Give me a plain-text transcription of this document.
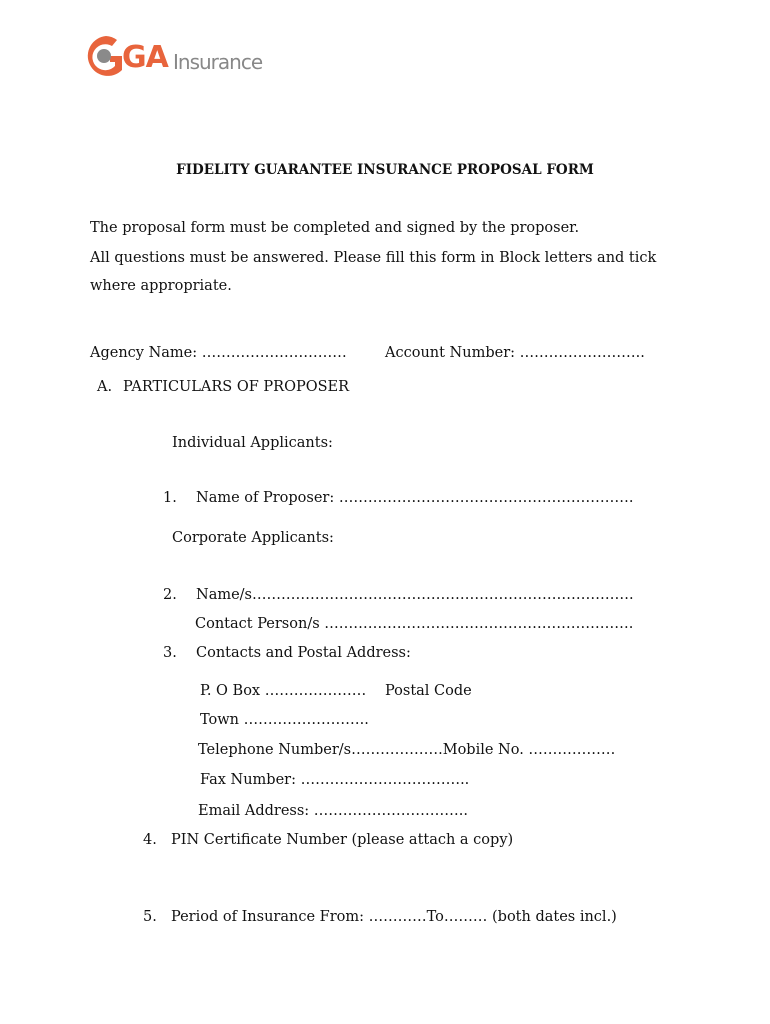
GA Insurance
FIDELITY GUARANTEE INSURANCE PROPOSAL FORM
The proposal form must be completed and signed by the proposer.
All questions must be answered. Please fill this form in Block letters and tick
where appropriate.
Agency Name: …………………………	Account Number: ……………………..
A. PARTICULARS OF PROPOSER
Individual Applicants:
1. Name of Proposer: …………………………………………………….
Corporate Applicants:
2. Name/s…………………………………………………………………….
Contact Person/s ……………………………………………………….
3. Contacts and Postal Address:
P. O Box ………………… Postal Code
Town ……………………..
Telephone Number/s……………….Mobile No. ………………
Fax Number: ……………………………..
Email Address: …………………………..
4. PIN Certificate Number (please attach a copy)
5. Period of Insurance From: …………To……… (both dates incl.)
